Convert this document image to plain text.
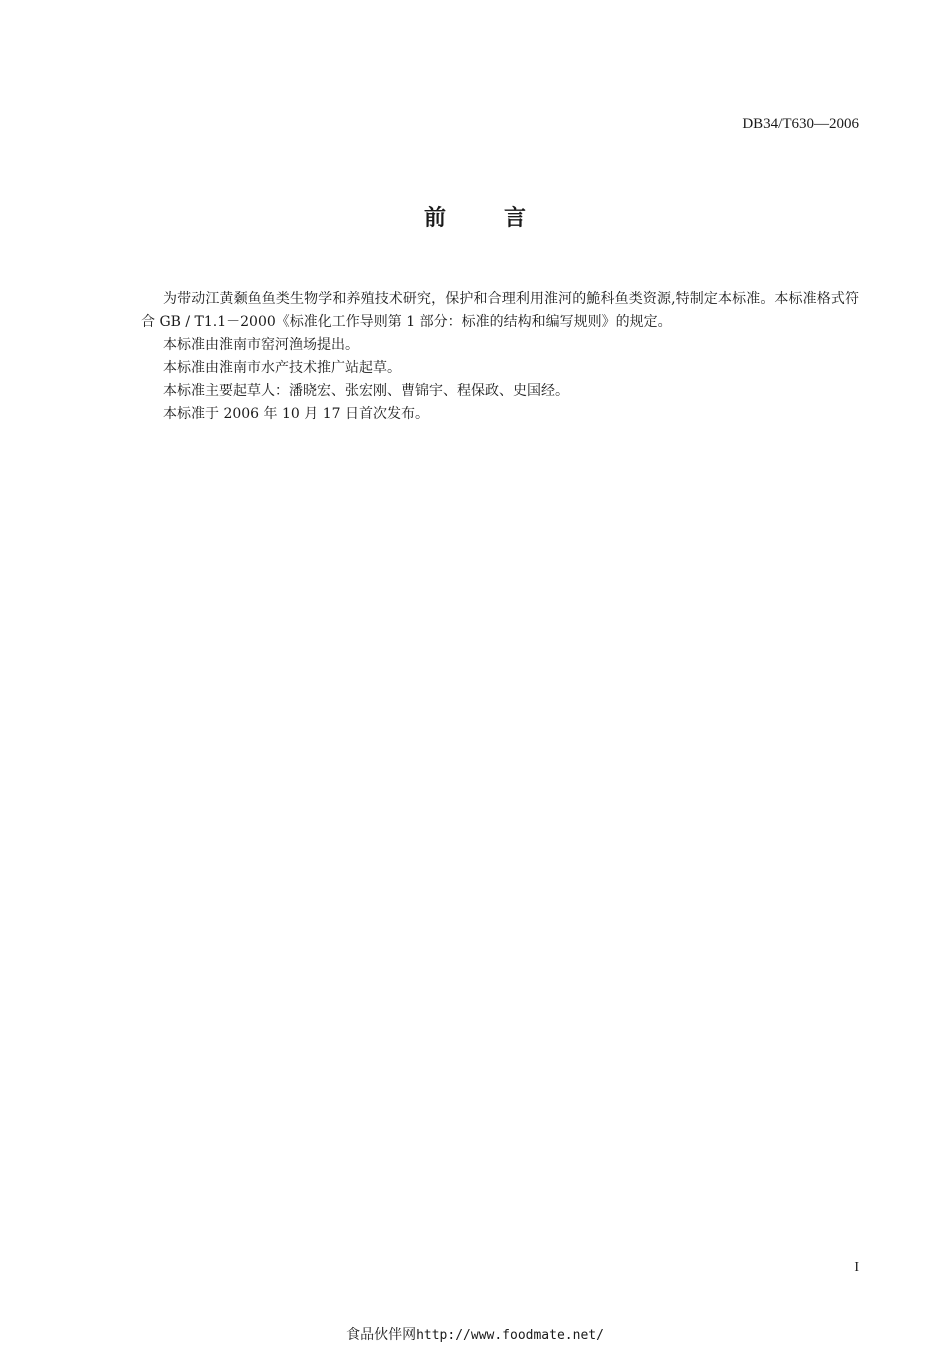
DB34/T630—2006
前	言

为带动江黄颡鱼鱼类生物学和养殖技术研究，保护和合理利用淮河的鮠科鱼类资源,特制定本标准。本标准格式符合 GB / T1.1－2000《标准化工作导则第 1 部分：标准的结构和编写规则》的规定。

本标准由淮南市窑河渔场提出。

本标准由淮南市水产技术推广站起草。

本标准主要起草人：潘晓宏、张宏刚、曹锦宇、程保政、史国经。

本标准于 2006 年 10 月 17 日首次发布。

I
食品伙伴网http://www.foodmate.net/
